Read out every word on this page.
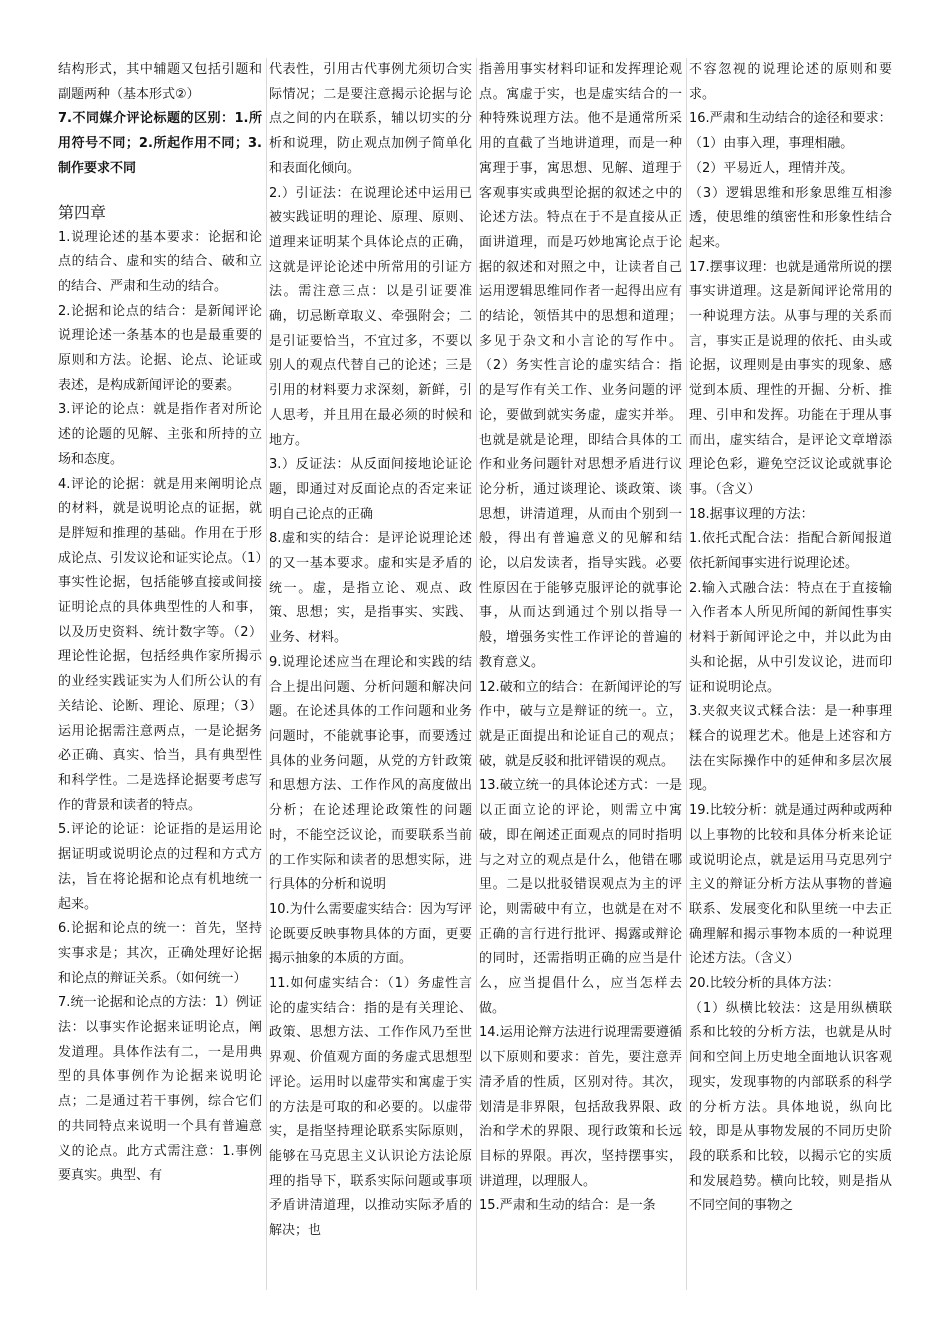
结构形式，其中辅题又包括引题和副题两种（基本形式②）

7.不同媒介评论标题的区别：1.所用符号不同；2.所起作用不同；3.制作要求不同

第四章

1.说理论述的基本要求：论据和论点的结合、虚和实的结合、破和立的结合、严肃和生动的结合。

2.论据和论点的结合：是新闻评论说理论述一条基本的也是最重要的原则和方法。论据、论点、论证或表述，是构成新闻评论的要素。

3.评论的论点：就是指作者对所论述的论题的见解、主张和所持的立场和态度。

4.评论的论据：就是用来阐明论点的材料，就是说明论点的证据，就是胖短和推理的基础。作用在于形成论点、引发议论和证实论点。（1）事实性论据，包括能够直接或间接证明论点的具体典型性的人和事，以及历史资料、统计数字等。（2）理论性论据，包括经典作家所揭示的业经实践证实为人们所公认的有关结论、论断、理论、原理；（3）运用论据需注意两点，一是论据务必正确、真实、恰当，具有典型性和科学性。二是选择论据要考虑写作的背景和读者的特点。

5.评论的论证：论证指的是运用论据证明或说明论点的过程和方式方法，旨在将论据和论点有机地统一起来。

6.论据和论点的统一：首先，坚持实事求是；其次，正确处理好论据和论点的辩证关系。（如何统一）

7.统一论据和论点的方法：1）例证法：以事实作论据来证明论点，阐发道理。具体作法有二，一是用典型的具体事例作为论据来说明论点；二是通过若干事例，综合它们的共同特点来说明一个具有普遍意义的论点。此方式需注意：1.事例要真实。典型、有

代表性，引用古代事例尤须切合实际情况；二是要注意揭示论据与论点之间的内在联系，辅以切实的分析和说理，防止观点加例子简单化和表面化倾向。

2.）引证法：在说理论述中运用已被实践证明的理论、原理、原则、道理来证明某个具体论点的正确，这就是评论论述中所常用的引证方法。需注意三点：以是引证要准确，切忌断章取义、牵强附会；二是引证要恰当，不宜过多，不要以别人的观点代替自己的论述；三是引用的材料要力求深刻，新鲜，引人思考，并且用在最必须的时候和地方。

3.）反证法：从反面间接地论证论题，即通过对反面论点的否定来证明自己论点的正确

8.虚和实的结合：是评论说理论述的又一基本要求。虚和实是矛盾的统一。虚，是指立论、观点、政策、思想；实，是指事实、实践、业务、材料。

9.说理论述应当在理论和实践的结合上提出问题、分析问题和解决问题。在论述具体的工作问题和业务问题时，不能就事论事，而要透过具体的业务问题，从党的方针政策和思想方法、工作作风的高度做出分析；在论述理论政策性的问题时，不能空泛议论，而要联系当前的工作实际和读者的思想实际，进行具体的分析和说明

10.为什么需要虚实结合：因为写评论既要反映事物具体的方面，更要揭示抽象的本质的方面。

11.如何虚实结合：（1）务虚性言论的虚实结合：指的是有关理论、政策、思想方法、工作作风乃至世界观、价值观方面的务虚式思想型评论。运用时以虚带实和寓虚于实的方法是可取的和必要的。以虚带实，是指坚持理论联系实际原则，能够在马克思主义认识论方法论原理的指导下，联系实际问题或事项矛盾讲清道理，以推动实际矛盾的解决；也

指善用事实材料印证和发挥理论观点。寓虚于实，也是虚实结合的一种特殊说理方法。他不是通常所采用的直截了当地讲道理，而是一种寓理于事，寓思想、见解、道理于客观事实或典型论据的叙述之中的论述方法。特点在于不是直接从正面讲道理，而是巧妙地寓论点于论据的叙述和对照之中，让读者自己运用逻辑思维同作者一起得出应有的结论，领悟其中的思想和道理；多见于杂文和小言论的写作中。（2）务实性言论的虚实结合：指的是写作有关工作、业务问题的评论，要做到就实务虚，虚实并举。也就是就是论理，即结合具体的工作和业务问题针对思想矛盾进行议论分析，通过谈理论、谈政策、谈思想，讲清道理，从而由个别到一般，得出有普遍意义的见解和结论，以启发读者，指导实践。必要性原因在于能够克服评论的就事论事，从而达到通过个别以指导一般，增强务实性工作评论的普遍的教育意义。

12.破和立的结合：在新闻评论的写作中，破与立是辩证的统一。立，就是正面提出和论证自己的观点；破，就是反驳和批评错误的观点。

13.破立统一的具体论述方式：一是以正面立论的评论，则需立中寓破，即在阐述正面观点的同时指明与之对立的观点是什么，他错在哪里。二是以批驳错误观点为主的评论，则需破中有立，也就是在对不正确的言行进行批评、揭露或辩论的同时，还需指明正确的应当是什么，应当提倡什么，应当怎样去做。

14.运用论辩方法进行说理需要遵循以下原则和要求：首先，要注意弄清矛盾的性质，区别对待。其次，划清是非界限，包括敌我界限、政治和学术的界限、现行政策和长远目标的界限。再次，坚持摆事实，讲道理，以理服人。

15.严肃和生动的结合：是一条

不容忽视的说理论述的原则和要求。

16.严肃和生动结合的途径和要求：

（1）由事入理，事理相融。

（2）平易近人，理情并茂。

（3）逻辑思维和形象思维互相渗透，使思维的缜密性和形象性结合起来。

17.摆事议理：也就是通常所说的摆事实讲道理。这是新闻评论常用的一种说理方法。从事与理的关系而言，事实正是说理的依托、由头或论据，议理则是由事实的现象、感觉到本质、理性的开掘、分析、推理、引申和发挥。功能在于理从事而出，虚实结合，是评论文章增添理论色彩，避免空泛议论或就事论事。（含义）

18.据事议理的方法：

1.依托式配合法：指配合新闻报道依托新闻事实进行说理论述。

2.输入式融合法：特点在于直接输入作者本人所见所闻的新闻性事实材料于新闻评论之中，并以此为由头和论据，从中引发议论，进而印证和说明论点。

3.夹叙夹议式糅合法：是一种事理糅合的说理艺术。他是上述容和方法在实际操作中的延伸和多层次展现。

19.比较分析：就是通过两种或两种以上事物的比较和具体分析来论证或说明论点，就是运用马克思列宁主义的辩证分析方法从事物的普遍联系、发展变化和队里统一中去正确理解和揭示事物本质的一种说理论述方法。（含义）

20.比较分析的具体方法：

（1）纵横比较法：这是用纵横联系和比较的分析方法，也就是从时间和空间上历史地全面地认识客观现实，发现事物的内部联系的科学的分析方法。具体地说，纵向比较，即是从事物发展的不同历史阶段的联系和比较，以揭示它的实质和发展趋势。横向比较，则是指从不同空间的事物之
